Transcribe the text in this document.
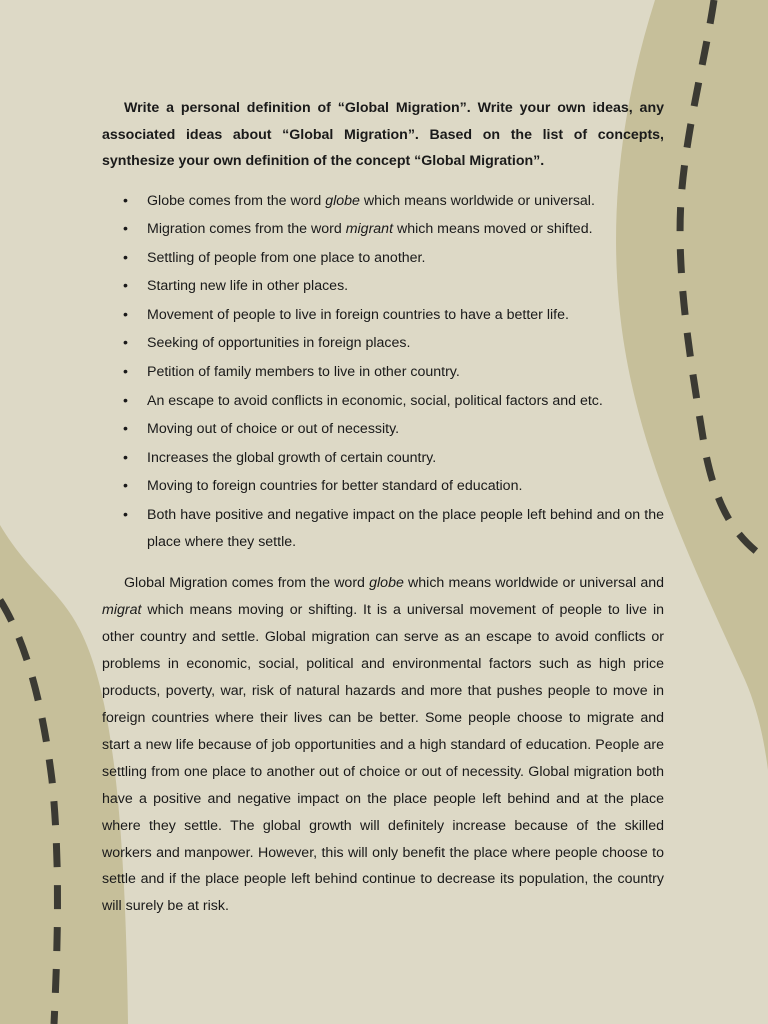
Write a personal definition of “Global Migration”. Write your own ideas, any associated ideas about “Global Migration”. Based on the list of concepts, synthesize your own definition of the concept “Global Migration”.

• Globe comes from the word globe which means worldwide or universal.
• Migration comes from the word migrant which means moved or shifted.
• Settling of people from one place to another.
• Starting new life in other places.
• Movement of people to live in foreign countries to have a better life.
• Seeking of opportunities in foreign places.
• Petition of family members to live in other country.
• An escape to avoid conflicts in economic, social, political factors and etc.
• Moving out of choice or out of necessity.
• Increases the global growth of certain country.
• Moving to foreign countries for better standard of education.
• Both have positive and negative impact on the place people left behind and on the place where they settle.

Global Migration comes from the word globe which means worldwide or universal and migrat which means moving or shifting. It is a universal movement of people to live in other country and settle. Global migration can serve as an escape to avoid conflicts or problems in economic, social, political and environmental factors such as high price products, poverty, war, risk of natural hazards and more that pushes people to move in foreign countries where their lives can be better. Some people choose to migrate and start a new life because of job opportunities and a high standard of education. People are settling from one place to another out of choice or out of necessity. Global migration both have a positive and negative impact on the place people left behind and at the place where they settle. The global growth will definitely increase because of the skilled workers and manpower. However, this will only benefit the place where people choose to settle and if the place people left behind continue to decrease its population, the country will surely be at risk.
